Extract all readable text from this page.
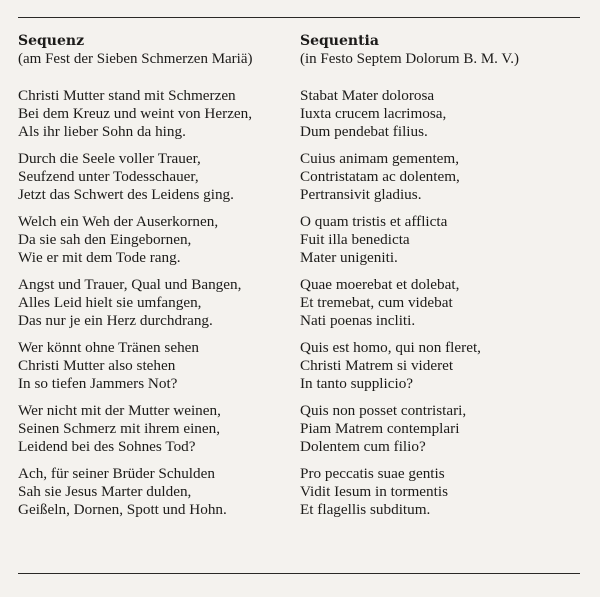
Sequenz

(am Fest der Sieben Schmerzen Mariä)

Christi Mutter stand mit Schmerzen
Bei dem Kreuz und weint von Herzen,
Als ihr lieber Sohn da hing.
Durch die Seele voller Trauer,
Seufzend unter Todesschauer,
Jetzt das Schwert des Leidens ging.
Welch ein Weh der Auserkornen,
Da sie sah den Eingebornen,
Wie er mit dem Tode rang.
Angst und Trauer, Qual und Bangen,
Alles Leid hielt sie umfangen,
Das nur je ein Herz durchdrang.
Wer könnt ohne Tränen sehen
Christi Mutter also stehen
In so tiefen Jammers Not?
Wer nicht mit der Mutter weinen,
Seinen Schmerz mit ihrem einen,
Leidend bei des Sohnes Tod?
Ach, für seiner Brüder Schulden
Sah sie Jesus Marter dulden,
Geißeln, Dornen, Spott und Hohn.

Sequentia

(in Festo Septem Dolorum B. M. V.)

Stabat Mater dolorosa
Iuxta crucem lacrimosa,
Dum pendebat filius.
Cuius animam gementem,
Contristatam ac dolentem,
Pertransivit gladius.
O quam tristis et afflicta
Fuit illa benedicta
Mater unigeniti.
Quae moerebat et dolebat,
Et tremebat, cum videbat
Nati poenas incliti.
Quis est homo, qui non fleret,
Christi Matrem si videret
In tanto supplicio?
Quis non posset contristari,
Piam Matrem contemplari
Dolentem cum filio?
Pro peccatis suae gentis
Vidit Iesum in tormentis
Et flagellis subditum.
